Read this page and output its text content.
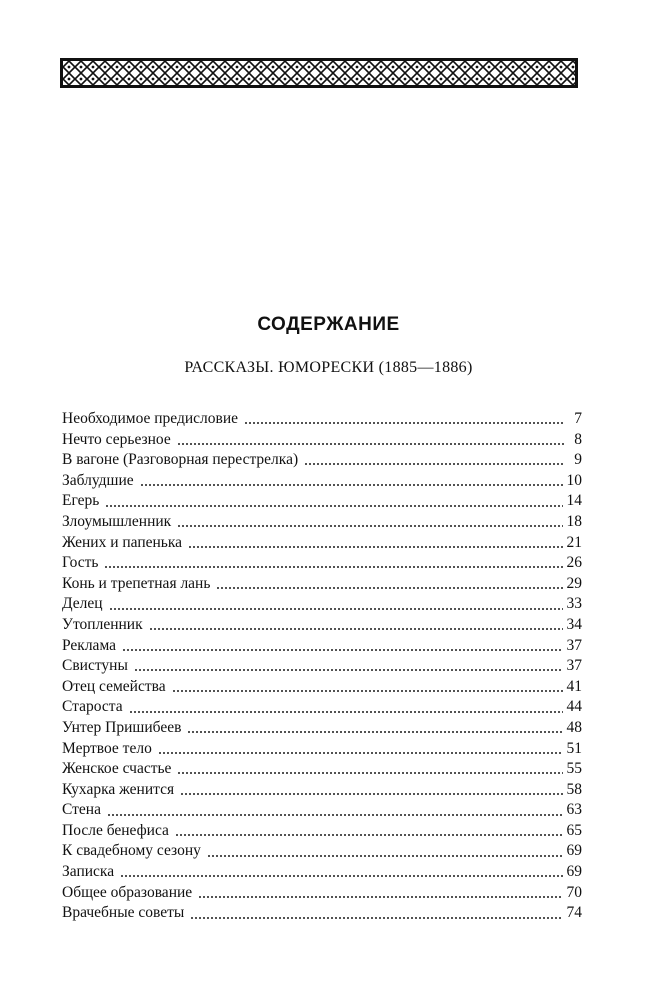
СОДЕРЖАНИЕ
РАССКАЗЫ. ЮМОРЕСКИ (1885—1886)
Необходимое предисловие	7
Нечто серьезное	8
В вагоне (Разговорная перестрелка)	9
Заблудшие	10
Егерь	14
Злоумышленник	18
Жених и папенька	21
Гость	26
Конь и трепетная лань	29
Делец	33
Утопленник	34
Реклама	37
Свистуны	37
Отец семейства	41
Староста	44
Унтер Пришибеев	48
Мертвое тело	51
Женское счастье	55
Кухарка женится	58
Стена	63
После бенефиса	65
К свадебному сезону	69
Записка	69
Общее образование	70
Врачебные советы	74
